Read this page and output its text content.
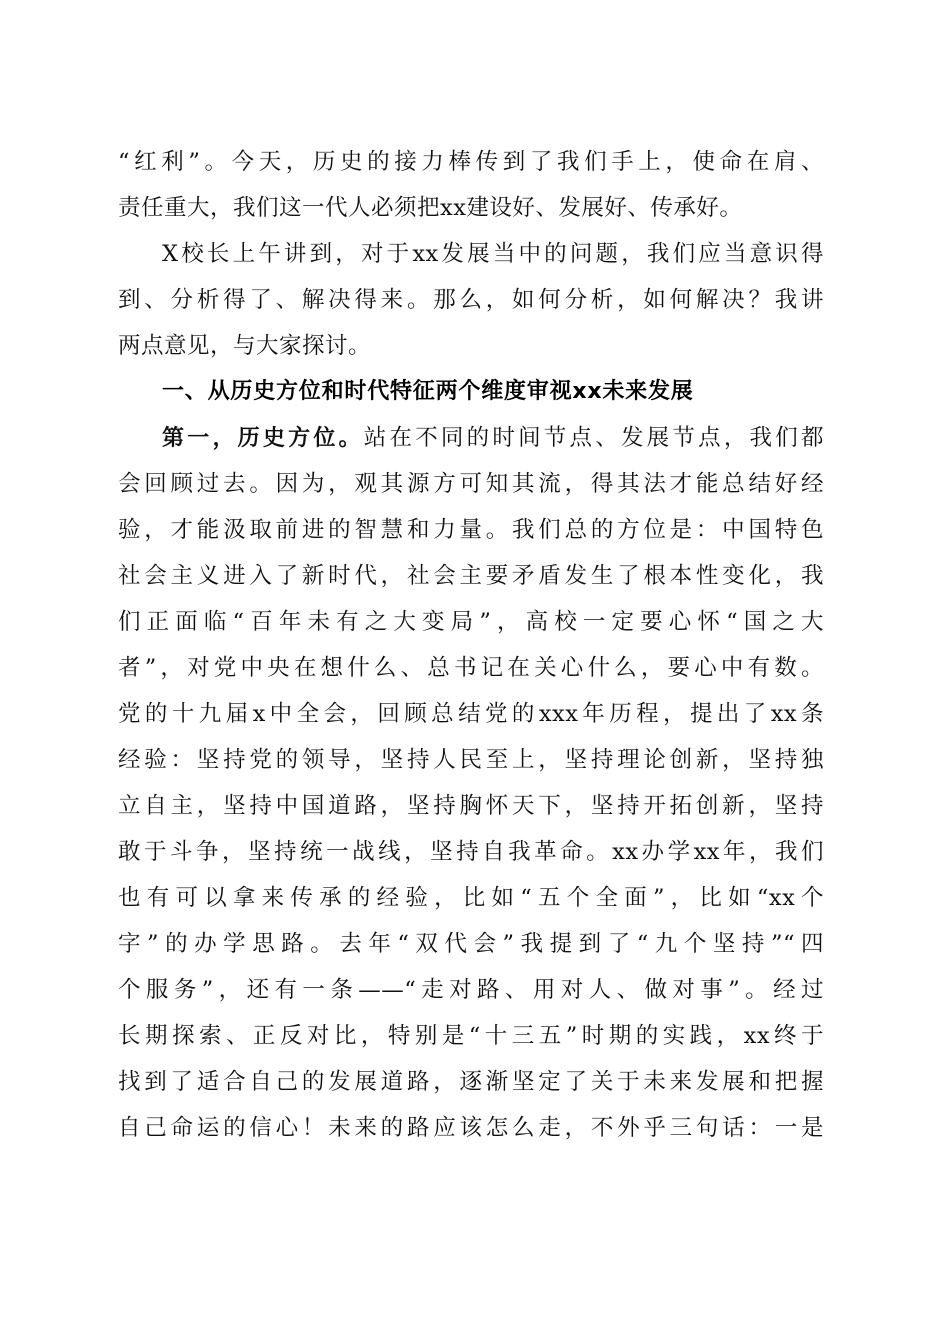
“红利”。今天，历史的接力棒传到了我们手上，使命在肩、
责任重大，我们这一代人必须把xx建设好、发展好、传承好。
X校长上午讲到，对于xx发展当中的问题，我们应当意识得
到、分析得了、解决得来。那么，如何分析，如何解决？我讲
两点意见，与大家探讨。
一、从历史方位和时代特征两个维度审视xx未来发展
第一，历史方位。站在不同的时间节点、发展节点，我们都
会回顾过去。因为，观其源方可知其流，得其法才能总结好经
验，才能汲取前进的智慧和力量。我们总的方位是：中国特色
社会主义进入了新时代，社会主要矛盾发生了根本性变化，我
们正面临“百年未有之大变局”，高校一定要心怀“国之大
者”，对党中央在想什么、总书记在关心什么，要心中有数。
党的十九届x中全会，回顾总结党的xxx年历程，提出了xx条
经验：坚持党的领导，坚持人民至上，坚持理论创新，坚持独
立自主，坚持中国道路，坚持胸怀天下，坚持开拓创新，坚持
敢于斗争，坚持统一战线，坚持自我革命。xx办学xx年，我们
也有可以拿来传承的经验，比如“五个全面”，比如“xx个
字”的办学思路。去年“双代会”我提到了“九个坚持”“四
个服务”，还有一条——“走对路、用对人、做对事”。经过
长期探索、正反对比，特别是“十三五”时期的实践，xx终于
找到了适合自己的发展道路，逐渐坚定了关于未来发展和把握
自己命运的信心！未来的路应该怎么走，不外乎三句话：一是
